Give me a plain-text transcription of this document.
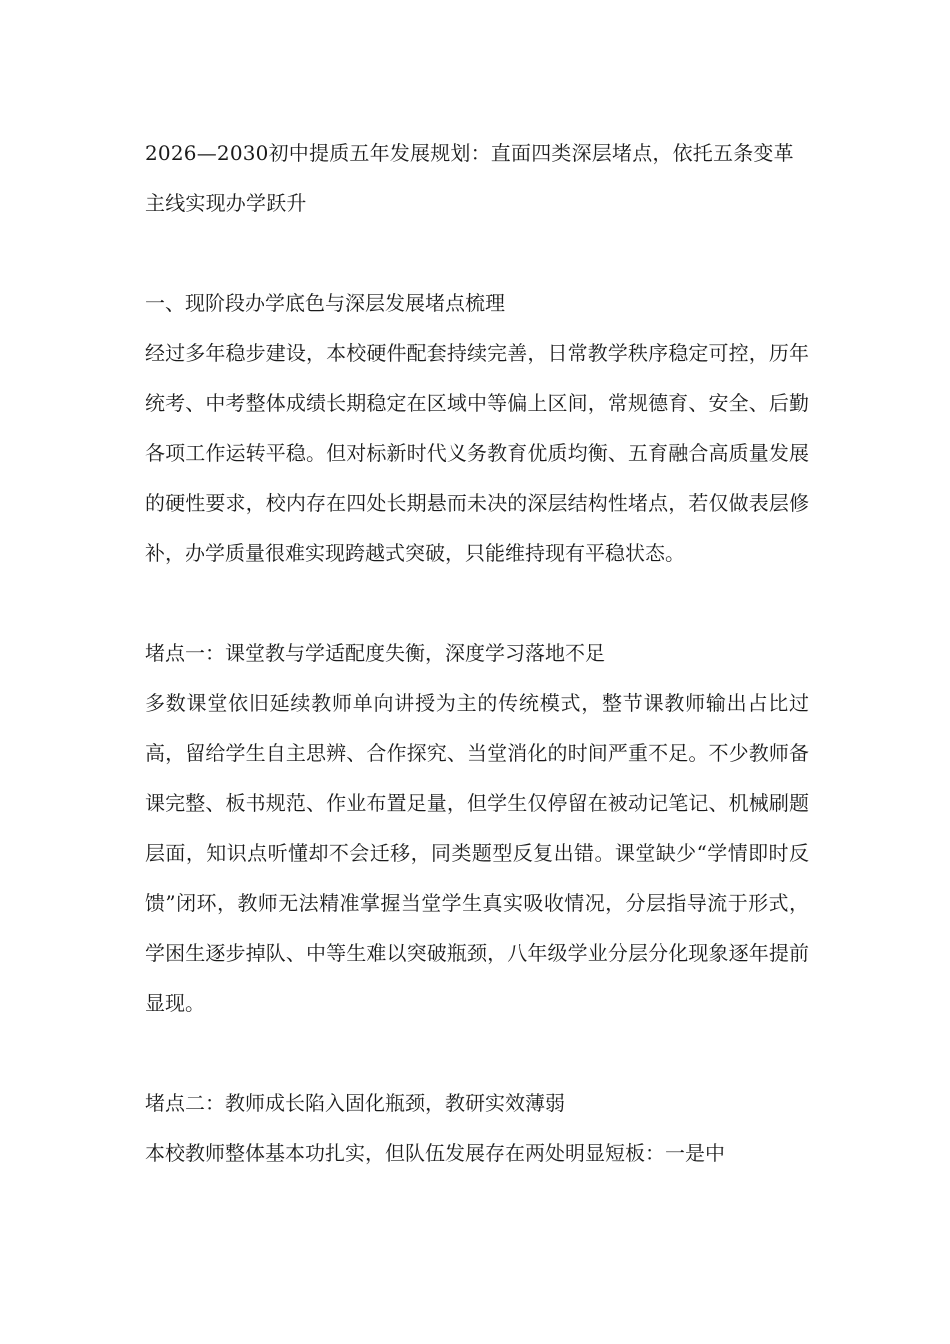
2026—2030初中提质五年发展规划：直面四类深层堵点，依托五条变革主线实现办学跃升

一、现阶段办学底色与深层发展堵点梳理

经过多年稳步建设，本校硬件配套持续完善，日常教学秩序稳定可控，历年统考、中考整体成绩长期稳定在区域中等偏上区间，常规德育、安全、后勤各项工作运转平稳。但对标新时代义务教育优质均衡、五育融合高质量发展的硬性要求，校内存在四处长期悬而未决的深层结构性堵点，若仅做表层修补，办学质量很难实现跨越式突破，只能维持现有平稳状态。

堵点一：课堂教与学适配度失衡，深度学习落地不足

多数课堂依旧延续教师单向讲授为主的传统模式，整节课教师输出占比过高，留给学生自主思辨、合作探究、当堂消化的时间严重不足。不少教师备课完整、板书规范、作业布置足量，但学生仅停留在被动记笔记、机械刷题层面，知识点听懂却不会迁移，同类题型反复出错。课堂缺少“学情即时反馈”闭环，教师无法精准掌握当堂学生真实吸收情况，分层指导流于形式，学困生逐步掉队、中等生难以突破瓶颈，八年级学业分层分化现象逐年提前显现。

堵点二：教师成长陷入固化瓶颈，教研实效薄弱

本校教师整体基本功扎实，但队伍发展存在两处明显短板：一是中
